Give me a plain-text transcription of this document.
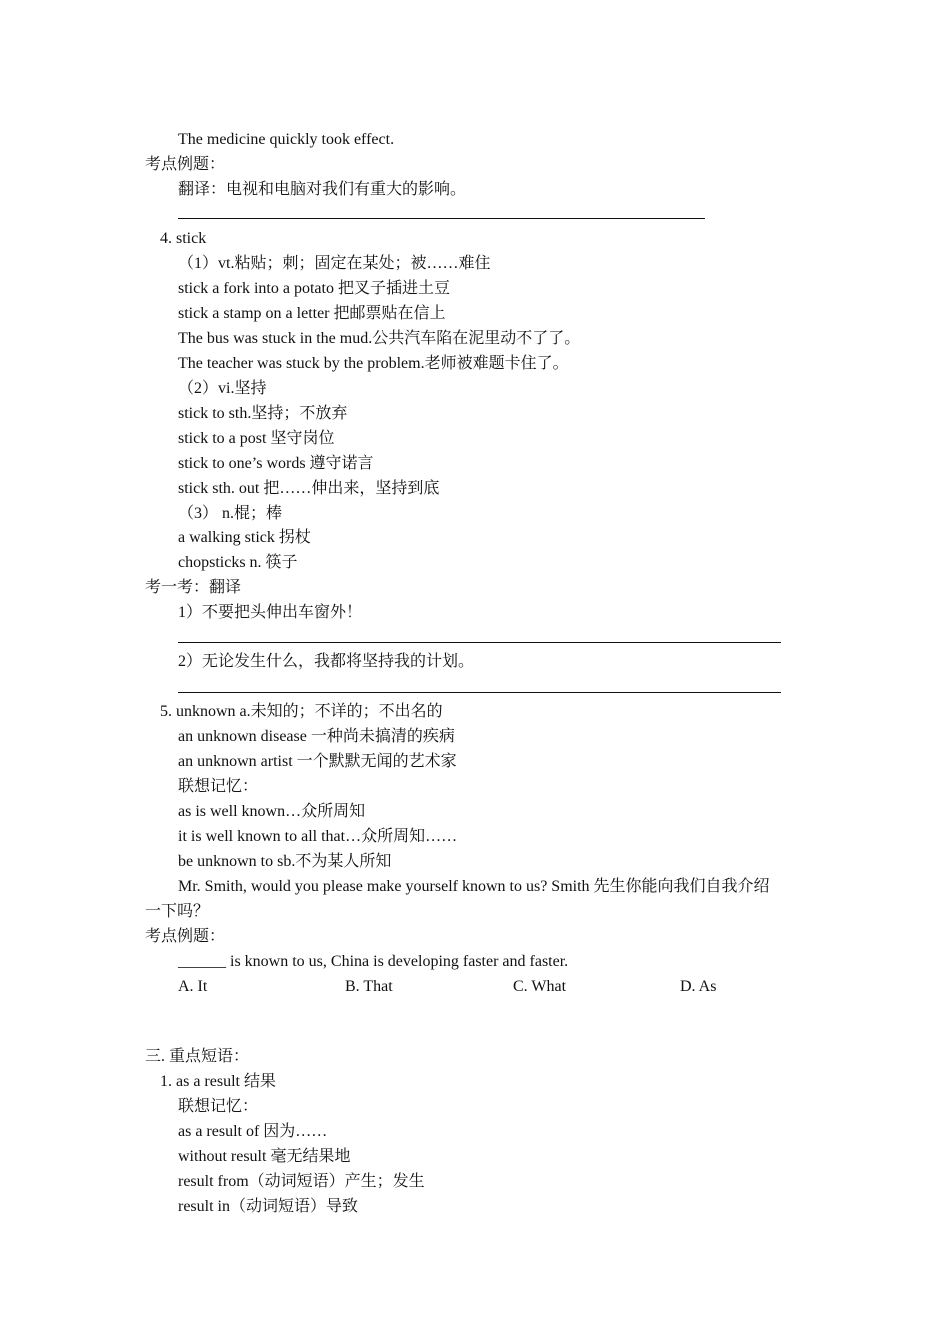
The medicine quickly took effect.
考点例题：
翻译：电视和电脑对我们有重大的影响。
4. stick
（1）vt.粘贴；刺；固定在某处；被……难住
stick a fork into a potato 把叉子插进土豆
stick a stamp on a letter 把邮票贴在信上
The bus was stuck in the mud.公共汽车陷在泥里动不了了。
The teacher was stuck by the problem.老师被难题卡住了。
（2）vi.坚持
stick to sth.坚持；不放弃
stick to a post 坚守岗位
stick to one’s words 遵守诺言
stick sth. out 把……伸出来，坚持到底
（3） n.棍；棒
a walking stick 拐杖
chopsticks n. 筷子
考一考：翻译
1）不要把头伸出车窗外！
2）无论发生什么，我都将坚持我的计划。
5. unknown a.未知的；不详的；不出名的
an unknown disease 一种尚未搞清的疾病
an unknown artist 一个默默无闻的艺术家
联想记忆：
as is well known…众所周知
it is well known to all that…众所周知……
be unknown to sb.不为某人所知
Mr. Smith, would you please make yourself known to us? Smith 先生你能向我们自我介绍
一下吗？
考点例题：
______ is known to us, China is developing faster and faster.
A. It	B. That	C. What	D. As
三. 重点短语：
1. as a result 结果
联想记忆：
as a result of 因为……
without result 毫无结果地
result from（动词短语）产生；发生
result in（动词短语）导致
